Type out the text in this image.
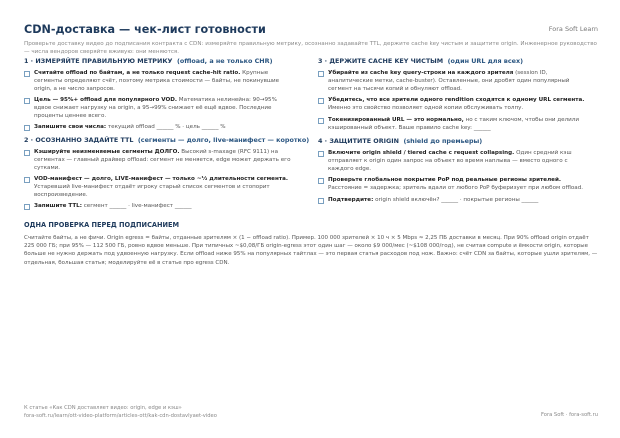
CDN-доставка — чек-лист готовности	Fora Soft Learn
Проверьте доставку видео до подписания контракта с CDN: измеряйте правильную метрику, осознанно задавайте TTL, держите cache key чистым и защитите origin. Инженерное руководство — числа вендоров сверяйте вживую: они меняются.
1 · ИЗМЕРЯЙТЕ ПРАВИЛЬНУЮ МЕТРИКУ (offload, а не только CHR)
Считайте offload по байтам, а не только request cache-hit ratio. Крупные сегменты определяют счёт, поэтому метрика стоимости — байты, не покинувшие origin, а не число запросов.
Цель — 95%+ offload для популярного VOD. Математика нелинейна: 90→95% вдвое снижает нагрузку на origin, а 95→99% снижает её ещё вдвое. Последние проценты ценнее всего.
Запишите свои числа: текущий offload ______ % · цель ______ %
2 · ОСОЗНАННО ЗАДАЙТЕ TTL (сегменты — долго, live-манифест — коротко)
Кэшируйте неизменяемые сегменты ДОЛГО. Высокий s-maxage (RFC 9111) на сегментах — главный драйвер offload: сегмент не меняется, edge может держать его сутками.
VOD-манифест — долго, LIVE-манифест — только ~½ длительности сегмента. Устаревший live-манифест отдаёт игроку старый список сегментов и стопорит воспроизведение.
Запишите TTL: сегмент ______ · live-манифест ______
3 · ДЕРЖИТЕ CACHE KEY ЧИСТЫМ (один URL для всех)
Убирайте из cache key query-строки на каждого зрителя (session ID, аналитические метки, cache-buster). Оставленные, они дробят один популярный сегмент на тысячи копий и обнуляют offload.
Убедитесь, что все зрители одного rendition сходятся к одному URL сегмента. Именно это свойство позволяет одной копии обслуживать толпу.
Токенизированный URL — это нормально, но с таким ключом, чтобы они делили кэшированный объект. Ваше правило cache key: ______
4 · ЗАЩИТИТЕ ORIGIN (shield до премьеры)
Включите origin shield / tiered cache с request collapsing. Один средний кэш отправляет к origin один запрос на объект во время наплыва — вместо одного с каждого edge.
Проверьте глобальное покрытие PoP под реальные регионы зрителей. Расстояние = задержка; зритель вдали от любого PoP буферизует при любом offload.
Подтвердите: origin shield включён? ______ · покрытые регионы ______
ОДНА ПРОВЕРКА ПЕРЕД ПОДПИСАНИЕМ
Считайте байты, а не фичи. Origin egress = байты, отданные зрителям × (1 − offload ratio). Пример. 100 000 зрителей × 10 ч × 5 Mbps ≈ 2,25 ПБ доставки в месяц. При 90% offload origin отдаёт 225 000 ГБ; при 95% — 112 500 ГБ, ровно вдвое меньше. При типичных ~$0,08/ГБ origin-egress этот один шаг — около $9 000/мес (~$108 000/год), не считая compute и ёмкости origin, которые больше не нужно держать под удвоенную нагрузку. Если offload ниже 95% на популярных тайтлах — это первая статья расходов под нож. Важно: счёт CDN за байты, которые ушли зрителям, — отдельная, большая статья; моделируйте её в статье про egress CDN.
К статье «Как CDN доставляет видео: origin, edge и кэш»
fora-soft.ru/learn/ott-video-platform/articles-ott/kak-cdn-dostavlyaet-video	Fora Soft · fora-soft.ru
